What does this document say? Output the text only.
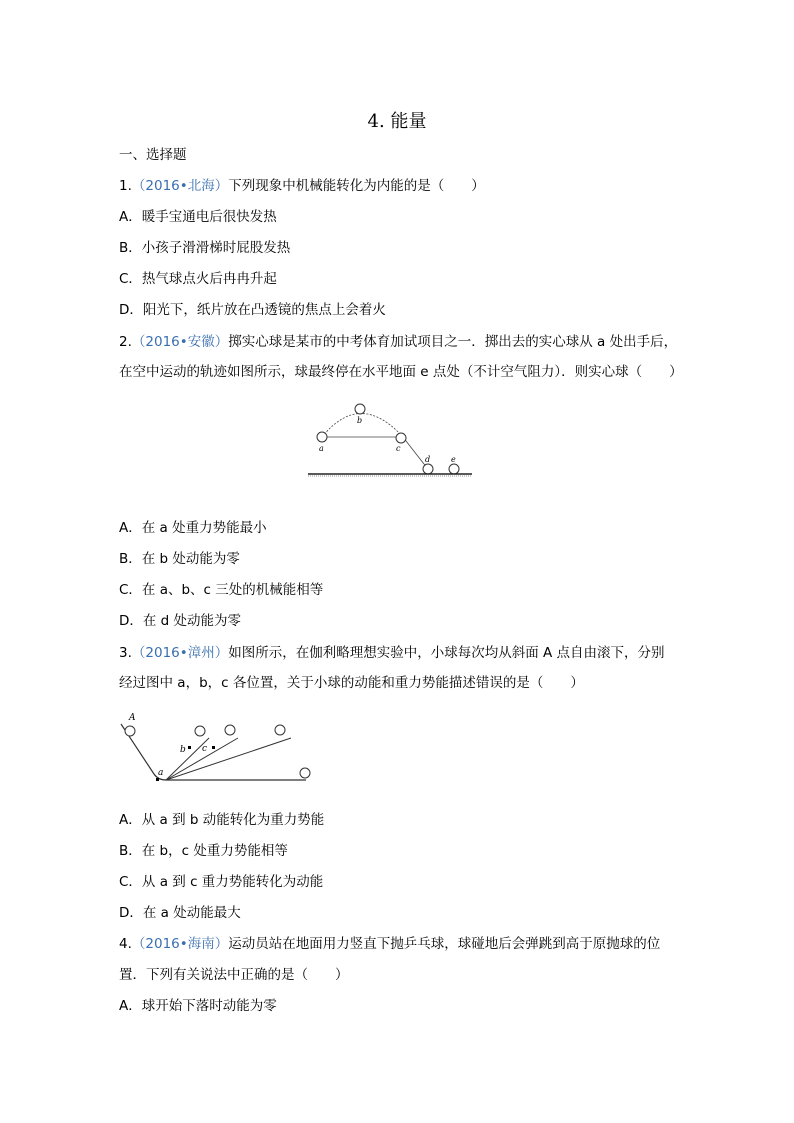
4. 能量
一、选择题
1.（2016•北海）下列现象中机械能转化为内能的是（　　）
A．暖手宝通电后很快发热
B．小孩子滑滑梯时屁股发热
C．热气球点火后冉冉升起
D．阳光下，纸片放在凸透镜的焦点上会着火
2.（2016•安徽）掷实心球是某市的中考体育加试项目之一．掷出去的实心球从 a 处出手后，
在空中运动的轨迹如图所示，球最终停在水平地面 e 点处（不计空气阻力）．则实心球（　　）
a
b
c
d	e
A．在 a 处重力势能最小
B．在 b 处动能为零
C．在 a、b、c 三处的机械能相等
D．在 d 处动能为零
3.（2016•漳州）如图所示，在伽利略理想实验中，小球每次均从斜面 A 点自由滚下，分别
经过图中 a，b，c 各位置，关于小球的动能和重力势能描述错误的是（　　）
A
a
b c
A．从 a 到 b 动能转化为重力势能
B．在 b，c 处重力势能相等
C．从 a 到 c 重力势能转化为动能
D．在 a 处动能最大
4.（2016•海南）运动员站在地面用力竖直下抛乒乓球，球碰地后会弹跳到高于原抛球的位
置．下列有关说法中正确的是（　　）
A．球开始下落时动能为零
